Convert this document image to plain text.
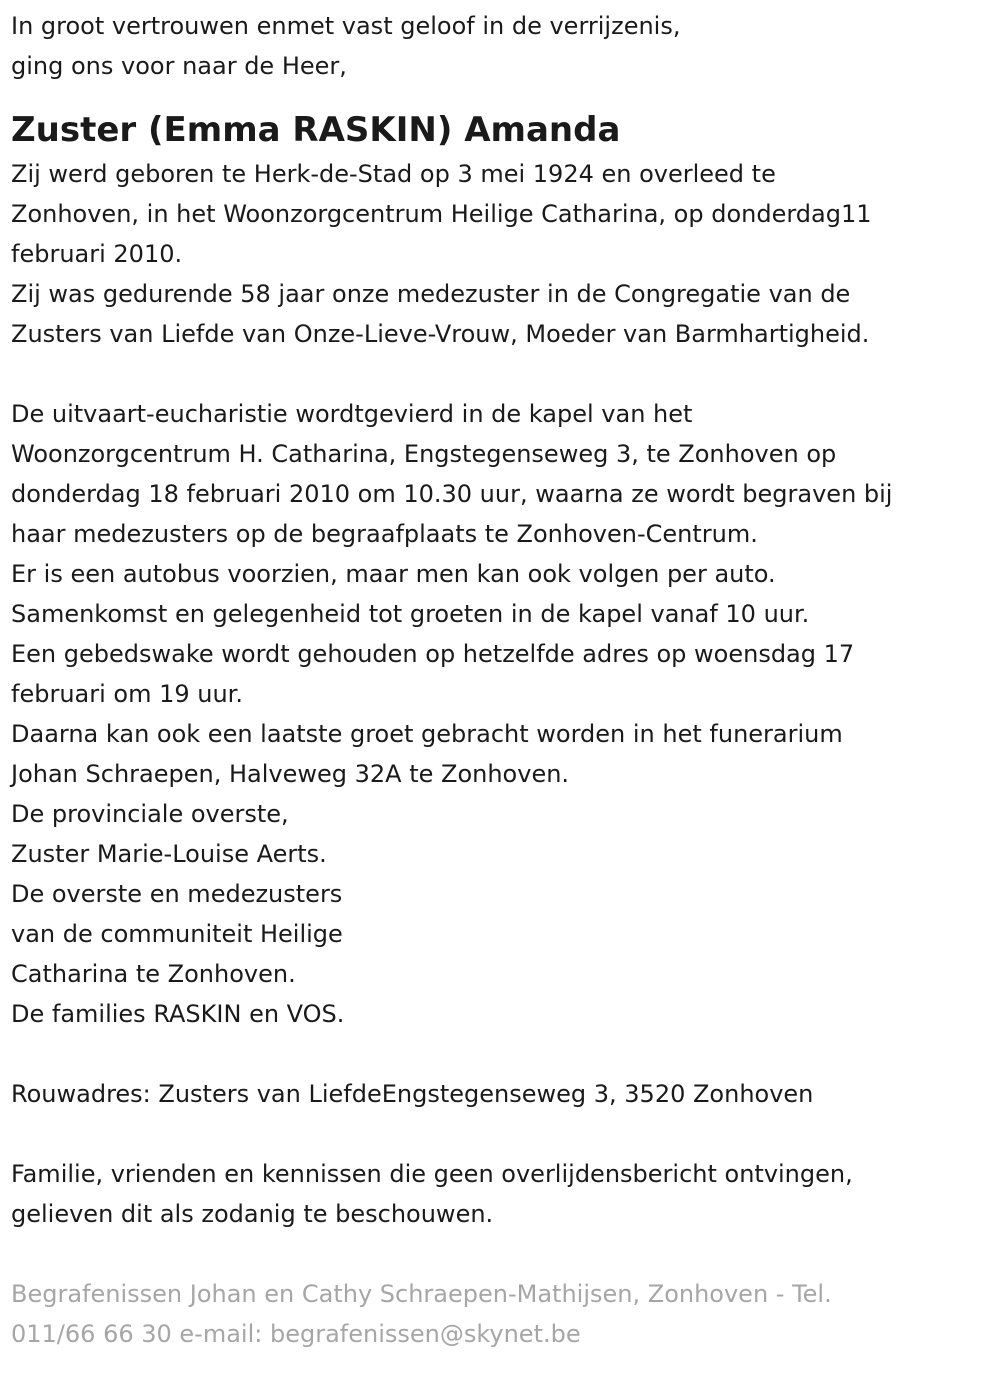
In groot vertrouwen enmet vast geloof in de verrijzenis,

ging ons voor naar de Heer,

Zuster (Emma RASKIN) Amanda

Zij werd geboren te Herk-de-Stad op 3 mei 1924 en overleed te

Zonhoven, in het Woonzorgcentrum Heilige Catharina, op donderdag11

februari 2010.

Zij was gedurende 58 jaar onze medezuster in de Congregatie van de

Zusters van Liefde van Onze-Lieve-Vrouw, Moeder van Barmhartigheid.

De uitvaart-eucharistie wordtgevierd in de kapel van het

Woonzorgcentrum H. Catharina, Engstegenseweg 3, te Zonhoven op

donderdag 18 februari 2010 om 10.30 uur, waarna ze wordt begraven bij

haar medezusters op de begraafplaats te Zonhoven-Centrum.

Er is een autobus voorzien, maar men kan ook volgen per auto.

Samenkomst en gelegenheid tot groeten in de kapel vanaf 10 uur.

Een gebedswake wordt gehouden op hetzelfde adres op woensdag 17

februari om 19 uur.

Daarna kan ook een laatste groet gebracht worden in het funerarium

Johan Schraepen, Halveweg 32A te Zonhoven.

De provinciale overste,

Zuster Marie-Louise Aerts.

De overste en medezusters

van de communiteit Heilige

Catharina te Zonhoven.

De families RASKIN en VOS.

Rouwadres: Zusters van LiefdeEngstegenseweg 3, 3520 Zonhoven

Familie, vrienden en kennissen die geen overlijdensbericht ontvingen,

gelieven dit als zodanig te beschouwen.

Begrafenissen Johan en Cathy Schraepen-Mathijsen, Zonhoven - Tel.

011/66 66 30 e-mail: begrafenissen@skynet.be
